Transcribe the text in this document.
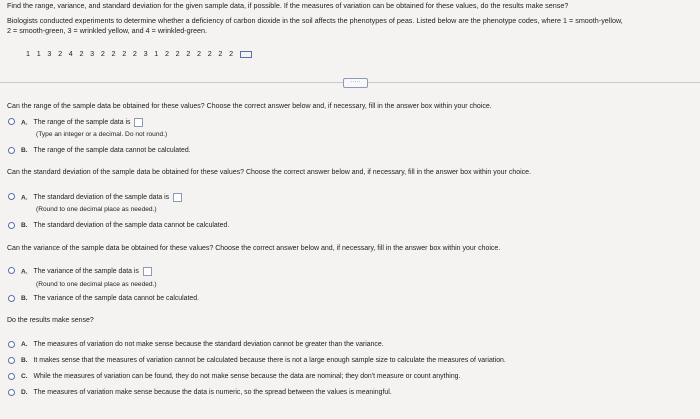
Find the range, variance, and standard deviation for the given sample data, if possible. If the measures of variation can be obtained for these values, do the results make sense?
Biologists conducted experiments to determine whether a deficiency of carbon dioxide in the soil affects the phenotypes of peas. Listed below are the phenotype codes, where 1 = smooth-yellow,
2 = smooth-green, 3 = wrinkled yellow, and 4 = wrinkled-green.
1 1 3 2 4 2 3 2 2 2 2 3 1 2 2 2 2 2 2 2
·····
Can the range of the sample data be obtained for these values? Choose the correct answer below and, if necessary, fill in the answer box within your choice.
A. The range of the sample data is
(Type an integer or a decimal. Do not round.)
B. The range of the sample data cannot be calculated.
Can the standard deviation of the sample data be obtained for these values? Choose the correct answer below and, if necessary, fill in the answer box within your choice.
A. The standard deviation of the sample data is
(Round to one decimal place as needed.)
B. The standard deviation of the sample data cannot be calculated.
Can the variance of the sample data be obtained for these values? Choose the correct answer below and, if necessary, fill in the answer box within your choice.
A. The variance of the sample data is
(Round to one decimal place as needed.)
B. The variance of the sample data cannot be calculated.
Do the results make sense?
A. The measures of variation do not make sense because the standard deviation cannot be greater than the variance.
B. It makes sense that the measures of variation cannot be calculated because there is not a large enough sample size to calculate the measures of variation.
C. While the measures of variation can be found, they do not make sense because the data are nominal; they don't measure or count anything.
D. The measures of variation make sense because the data is numeric, so the spread between the values is meaningful.
